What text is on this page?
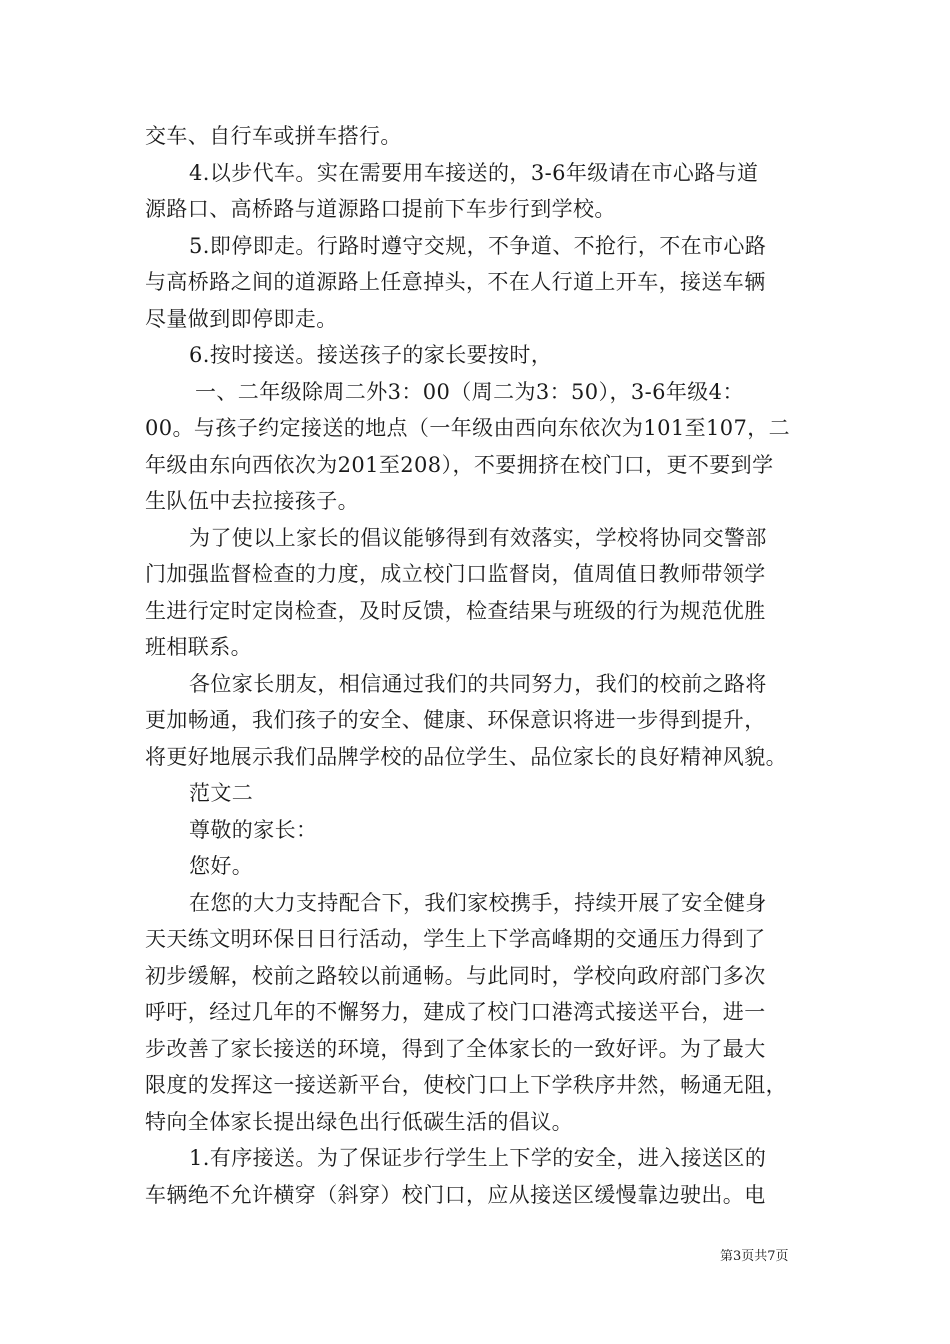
交车、自行车或拼车搭行。
4.以步代车。实在需要用车接送的，3-6年级请在市心路与道
源路口、高桥路与道源路口提前下车步行到学校。
5.即停即走。行路时遵守交规，不争道、不抢行，不在市心路
与高桥路之间的道源路上任意掉头，不在人行道上开车，接送车辆
尽量做到即停即走。
6.按时接送。接送孩子的家长要按时，
一、二年级除周二外3：00（周二为3：50），3-6年级4：
00。与孩子约定接送的地点（一年级由西向东依次为101至107，二
年级由东向西依次为201至208），不要拥挤在校门口，更不要到学
生队伍中去拉接孩子。
为了使以上家长的倡议能够得到有效落实，学校将协同交警部
门加强监督检查的力度，成立校门口监督岗，值周值日教师带领学
生进行定时定岗检查，及时反馈，检查结果与班级的行为规范优胜
班相联系。
各位家长朋友，相信通过我们的共同努力，我们的校前之路将
更加畅通，我们孩子的安全、健康、环保意识将进一步得到提升，
将更好地展示我们品牌学校的品位学生、品位家长的良好精神风貌。
范文二
尊敬的家长：
您好。
在您的大力支持配合下，我们家校携手，持续开展了安全健身
天天练文明环保日日行活动，学生上下学高峰期的交通压力得到了
初步缓解，校前之路较以前通畅。与此同时，学校向政府部门多次
呼吁，经过几年的不懈努力，建成了校门口港湾式接送平台，进一
步改善了家长接送的环境，得到了全体家长的一致好评。为了最大
限度的发挥这一接送新平台，使校门口上下学秩序井然，畅通无阻，
特向全体家长提出绿色出行低碳生活的倡议。
1.有序接送。为了保证步行学生上下学的安全，进入接送区的
车辆绝不允许横穿（斜穿）校门口，应从接送区缓慢靠边驶出。电
第3页共7页
